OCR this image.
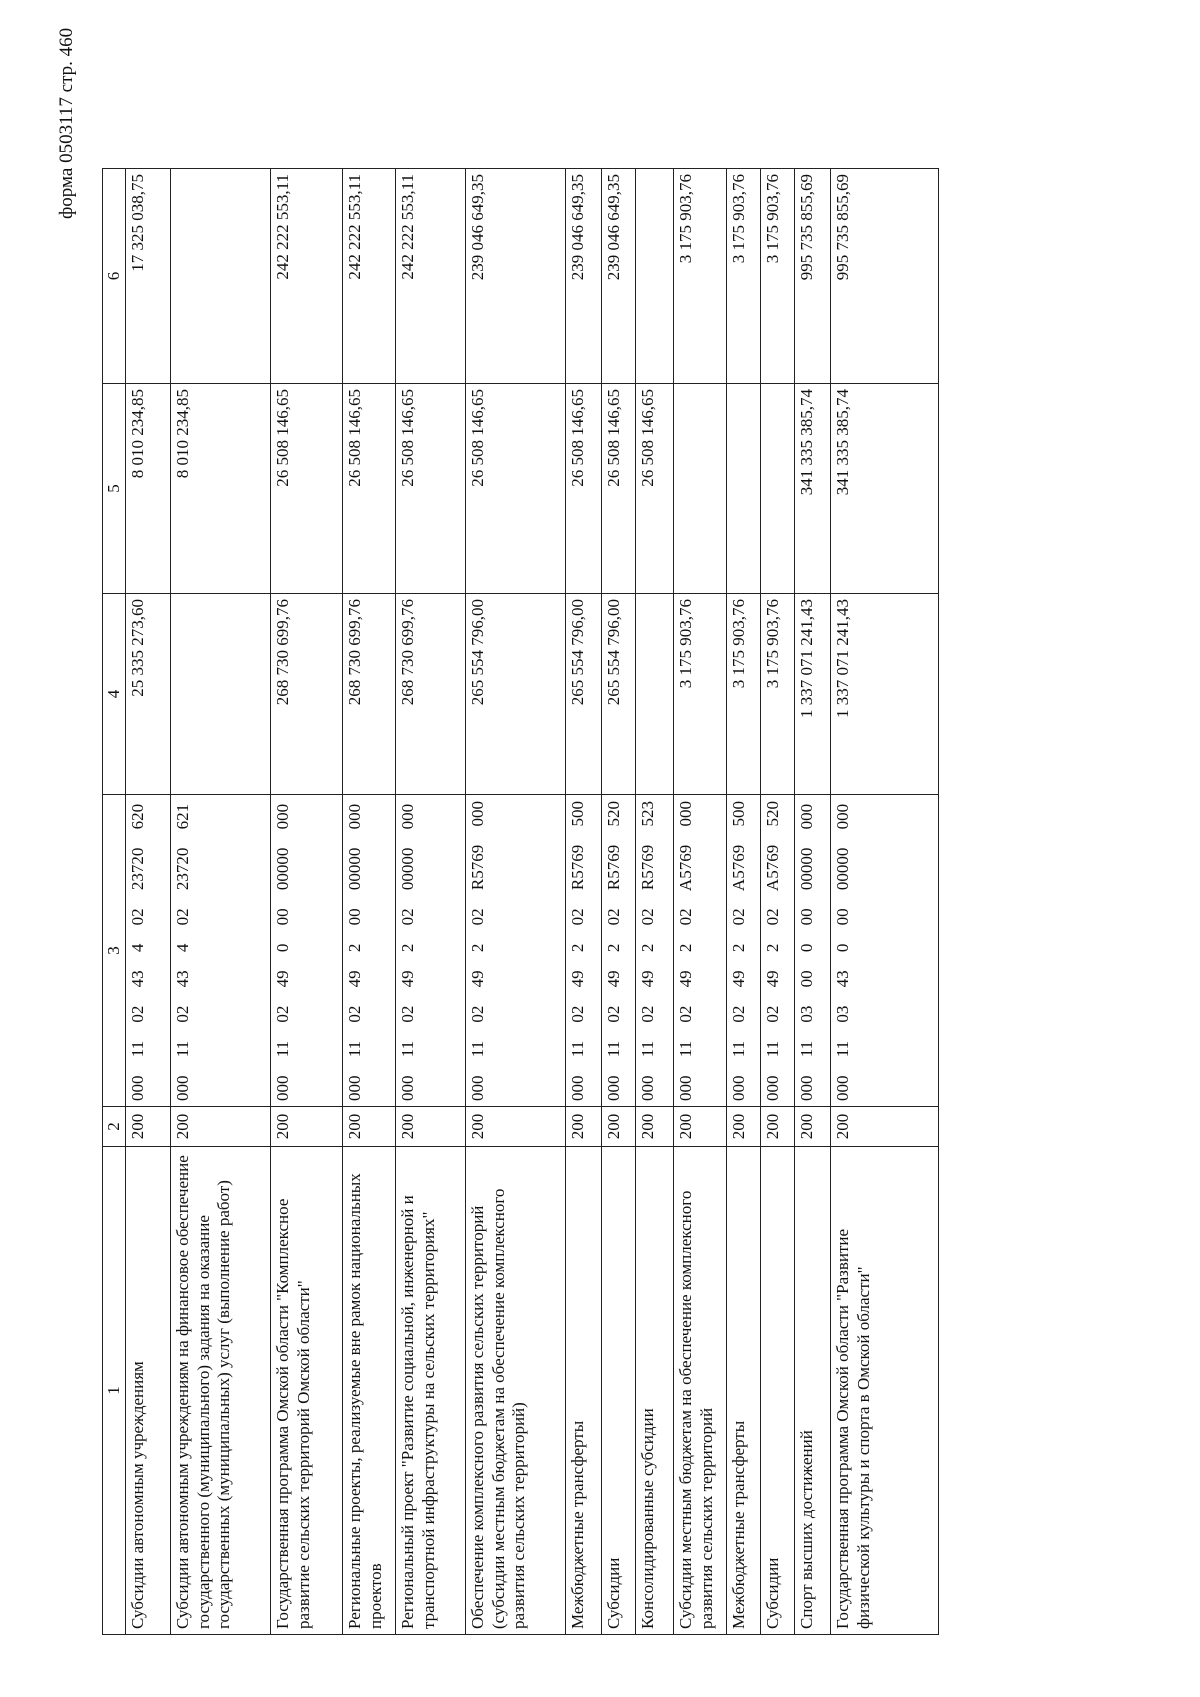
форма 0503117 стр. 460
1	2	3	4	5	6
Субсидии автономным учреждениям	200	000 11 02 43 4 02 23720 620	25 335 273,60	8 010 234,85	17 325 038,75
Субсидии автономным учреждениям на финансовое обеспечение государственного (муниципального) задания на оказание государственных (муниципальных) услуг (выполнение работ)	200	000 11 02 43 4 02 23720 621		8 010 234,85	
Государственная программа Омской области "Комплексное развитие сельских территорий Омской области"	200	000 11 02 49 0 00 00000 000	268 730 699,76	26 508 146,65	242 222 553,11
Региональные проекты, реализуемые вне рамок национальных проектов	200	000 11 02 49 2 00 00000 000	268 730 699,76	26 508 146,65	242 222 553,11
Региональный проект "Развитие социальной, инженерной и транспортной инфраструктуры на сельских территориях"	200	000 11 02 49 2 02 00000 000	268 730 699,76	26 508 146,65	242 222 553,11
Обеспечение комплексного развития сельских территорий (субсидии местным бюджетам на обеспечение комплексного развития сельских территорий)	200	000 11 02 49 2 02 R5769 000	265 554 796,00	26 508 146,65	239 046 649,35
Межбюджетные трансферты	200	000 11 02 49 2 02 R5769 500	265 554 796,00	26 508 146,65	239 046 649,35
Субсидии	200	000 11 02 49 2 02 R5769 520	265 554 796,00	26 508 146,65	239 046 649,35
Консолидированные субсидии	200	000 11 02 49 2 02 R5769 523		26 508 146,65	
Субсидии местным бюджетам на обеспечение комплексного развития сельских территорий	200	000 11 02 49 2 02 A5769 000	3 175 903,76		3 175 903,76
Межбюджетные трансферты	200	000 11 02 49 2 02 A5769 500	3 175 903,76		3 175 903,76
Субсидии	200	000 11 02 49 2 02 A5769 520	3 175 903,76		3 175 903,76
Спорт высших достижений	200	000 11 03 00 0 00 00000 000	1 337 071 241,43	341 335 385,74	995 735 855,69
Государственная программа Омской области "Развитие физической культуры и спорта в Омской области"	200	000 11 03 43 0 00 00000 000	1 337 071 241,43	341 335 385,74	995 735 855,69
